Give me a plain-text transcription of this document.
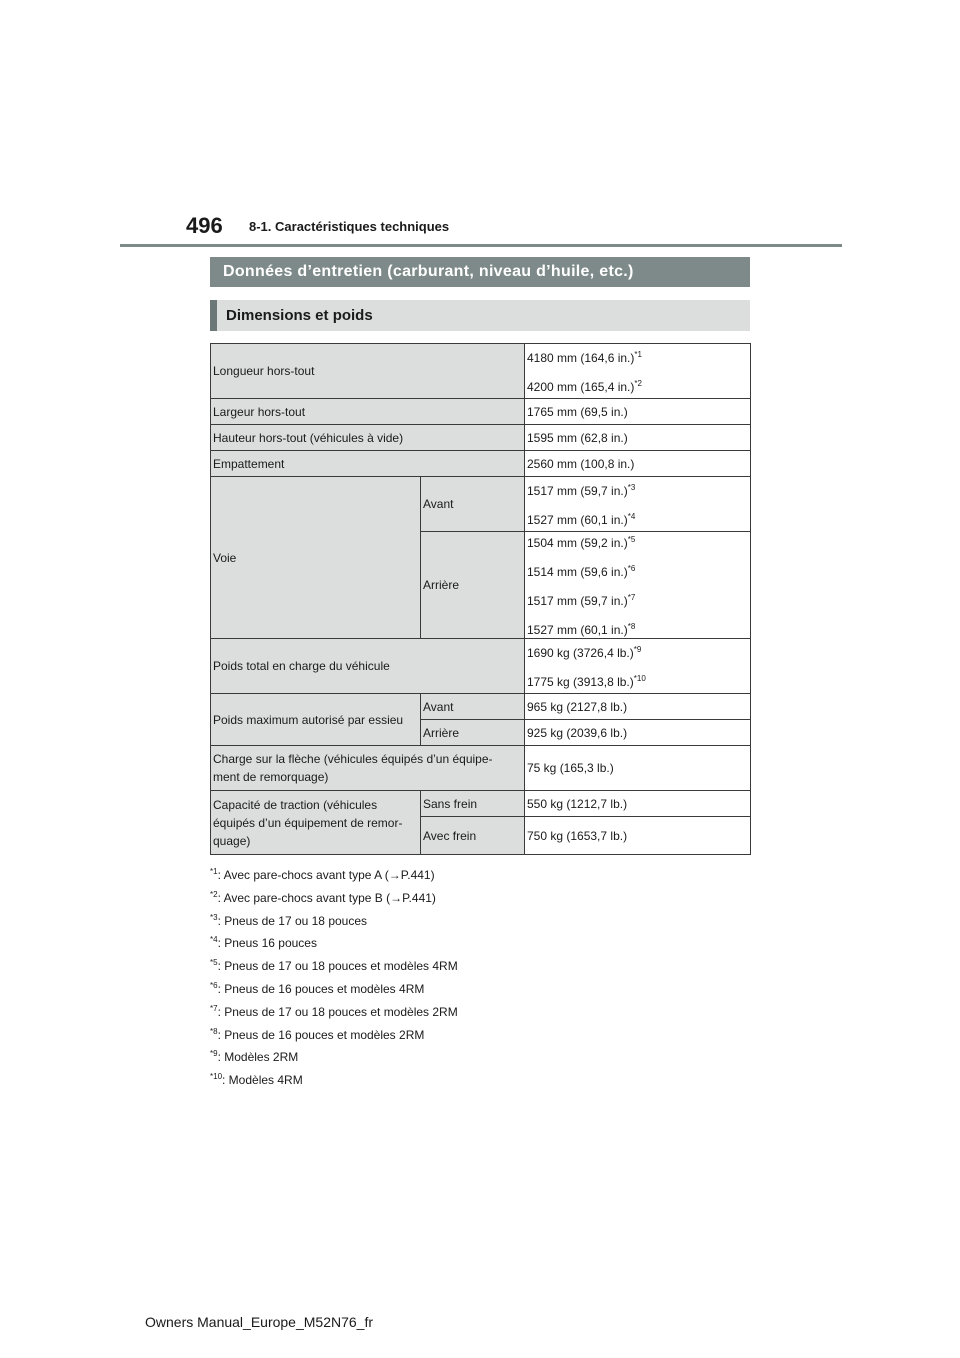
496 8-1. Caractéristiques techniques
Données d’entretien (carburant, niveau d’huile, etc.)
Dimensions et poids
Longueur hors-tout		4180 mm (164,6 in.)$^{*1}$
4200 mm (165,4 in.)$^{*2}$

Largeur hors-tout		1765 mm (69,5 in.)
Hauteur hors-tout (véhicules à vide)		1595 mm (62,8 in.)
Empattement		2560 mm (100,8 in.)
Voie	Avant	1517 mm (59,7 in.)$^{*3}$
1527 mm (60,1 in.)$^{*4}$

	Arrière	1504 mm (59,2 in.)$^{*5}$
1514 mm (59,6 in.)$^{*6}$
1517 mm (59,7 in.)$^{*7}$
1527 mm (60,1 in.)$^{*8}$

Poids total en charge du véhicule		1690 kg (3726,4 lb.)$^{*9}$
1775 kg (3913,8 lb.)$^{*10}$

Poids maximum autorisé par essieu	Avant	965 kg (2127,8 lb.)
	Arrière	925 kg (2039,6 lb.)

Charge sur la flèche (véhicules équipés d’un équipe-
ment de remorquage)		75 kg (165,3 lb.)

Capacité de traction (véhicules
équipés d’un équipement de remor-
quage)	Sans frein	550 kg (1212,7 lb.)
	Avec frein	750 kg (1653,7 lb.)
$^{*1}$: Avec pare-chocs avant type A (→P.441)
$^{*2}$: Avec pare-chocs avant type B (→P.441)
$^{*3}$: Pneus de 17 ou 18 pouces
$^{*4}$: Pneus 16 pouces
$^{*5}$: Pneus de 17 ou 18 pouces et modèles 4RM
$^{*6}$: Pneus de 16 pouces et modèles 4RM
$^{*7}$: Pneus de 17 ou 18 pouces et modèles 2RM
$^{*8}$: Pneus de 16 pouces et modèles 2RM
$^{*9}$: Modèles 2RM
$^{*10}$: Modèles 4RM
Owners Manual_Europe_M52N76_fr
